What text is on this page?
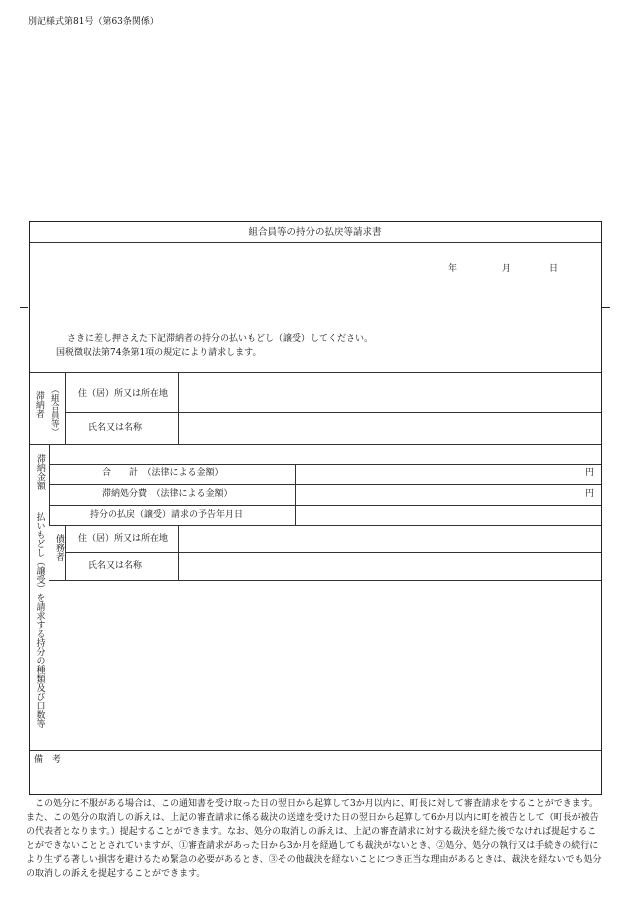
別記様式第81号（第63条関係）
組合員等の持分の払戻等請求書
年	月	日
さきに差し押さえた下記滞納者の持分の払いもどし（譲受）してください。
国税徴収法第74条第1項の規定により請求します。
滞納者 （組合員等） 住（居）所又は所在地
氏名又は名称
滞納金額	合　　計　（法律による金額）	円
滞納処分費　（法律による金額）	円
持分の払戻（譲受）請求の予告年月日
払いもどし（譲受）を請求する持分の種類及び口数等 債務者 住（居）所又は所在地
氏名又は名称
備　考
この処分に不服がある場合は、この通知書を受け取った日の翌日から起算して3か月以内に、町長に対して審査請求をすることができます。また、この処分の取消しの訴えは、上記の審査請求に係る裁決の送達を受けた日の翌日から起算して6か月以内に町を被告として（町長が被告の代表者となります。）提起することができます。なお、処分の取消しの訴えは、上記の審査請求に対する裁決を経た後でなければ提起することができないこととされていますが、①審査請求があった日から3か月を経過しても裁決がないとき、②処分、処分の執行又は手続きの続行により生ずる著しい損害を避けるため緊急の必要があるとき、③その他裁決を経ないことにつき正当な理由があるときは、裁決を経ないでも処分の取消しの訴えを提起することができます。
